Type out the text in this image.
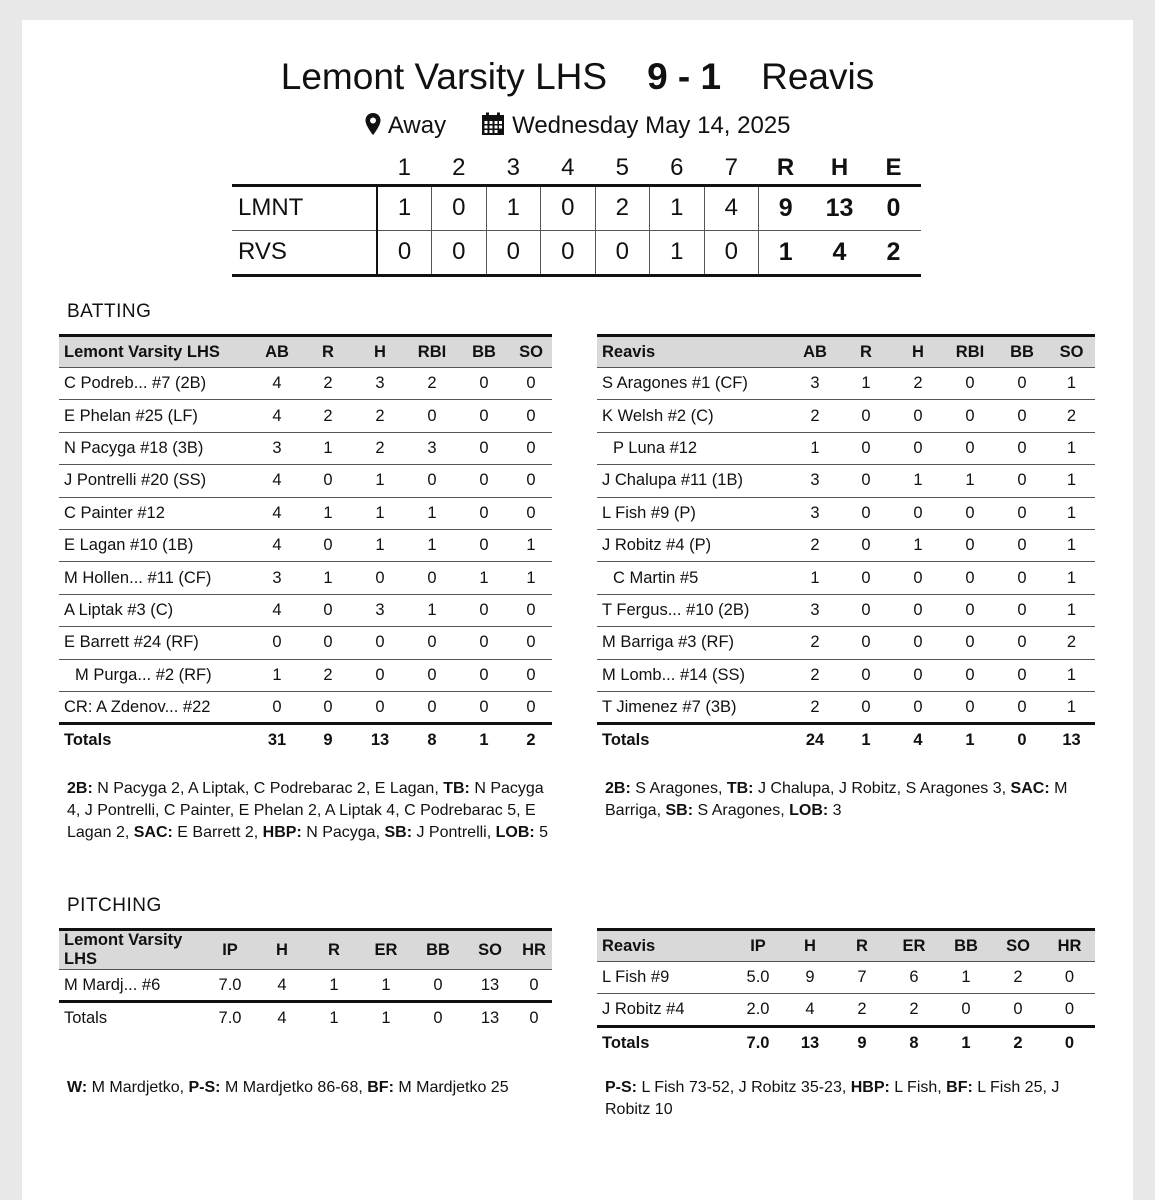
Lemont Varsity LHS 9 - 1 Reavis
Away	Wednesday May 14, 2025
	1	2	3	4	5	6	7	R	H	E
LMNT	1	0	1	0	2	1	4	9	13	0
RVS	0	0	0	0	0	1	0	1	4	2
BATTING
Lemont Varsity LHS	AB	R	H	RBI	BB	SO
C Podreb... #7 (2B)	4	2	3	2	0	0
E Phelan #25 (LF)	4	2	2	0	0	0
N Pacyga #18 (3B)	3	1	2	3	0	0
J Pontrelli #20 (SS)	4	0	1	0	0	0
C Painter #12	4	1	1	1	0	0
E Lagan #10 (1B)	4	0	1	1	0	1
M Hollen... #11 (CF)	3	1	0	0	1	1
A Liptak #3 (C)	4	0	3	1	0	0
E Barrett #24 (RF)	0	0	0	0	0	0
M Purga... #2 (RF)	1	2	0	0	0	0
CR: A Zdenov... #22	0	0	0	0	0	0
Totals	31	9	13	8	1	2
Reavis	AB	R	H	RBI	BB	SO
S Aragones #1 (CF)	3	1	2	0	0	1
K Welsh #2 (C)	2	0	0	0	0	2
P Luna #12	1	0	0	0	0	1
J Chalupa #11 (1B)	3	0	1	1	0	1
L Fish #9 (P)	3	0	0	0	0	1
J Robitz #4 (P)	2	0	1	0	0	1
C Martin #5	1	0	0	0	0	1
T Fergus... #10 (2B)	3	0	0	0	0	1
M Barriga #3 (RF)	2	0	0	0	0	2
M Lomb... #14 (SS)	2	0	0	0	0	1
T Jimenez #7 (3B)	2	0	0	0	0	1
Totals	24	1	4	1	0	13
2B: N Pacyga 2, A Liptak, C Podrebarac 2, E Lagan, TB: N Pacyga 4, J Pontrelli, C Painter, E Phelan 2, A Liptak 4, C Podrebarac 5, E Lagan 2, SAC: E Barrett 2, HBP: N Pacyga, SB: J Pontrelli, LOB: 5
2B: S Aragones, TB: J Chalupa, J Robitz, S Aragones 3, SAC: M Barriga, SB: S Aragones, LOB: 3
PITCHING
Lemont Varsity LHS	IP	H	R	ER	BB	SO	HR
M Mardj... #6	7.0	4	1	1	0	13	0
Totals	7.0	4	1	1	0	13	0
Reavis	IP	H	R	ER	BB	SO	HR
L Fish #9	5.0	9	7	6	1	2	0
J Robitz #4	2.0	4	2	2	0	0	0
Totals	7.0	13	9	8	1	2	0
W: M Mardjetko, P-S: M Mardjetko 86-68, BF: M Mardjetko 25	P-S: L Fish 73-52, J Robitz 35-23, HBP: L Fish, BF: L Fish 25, J Robitz 10
